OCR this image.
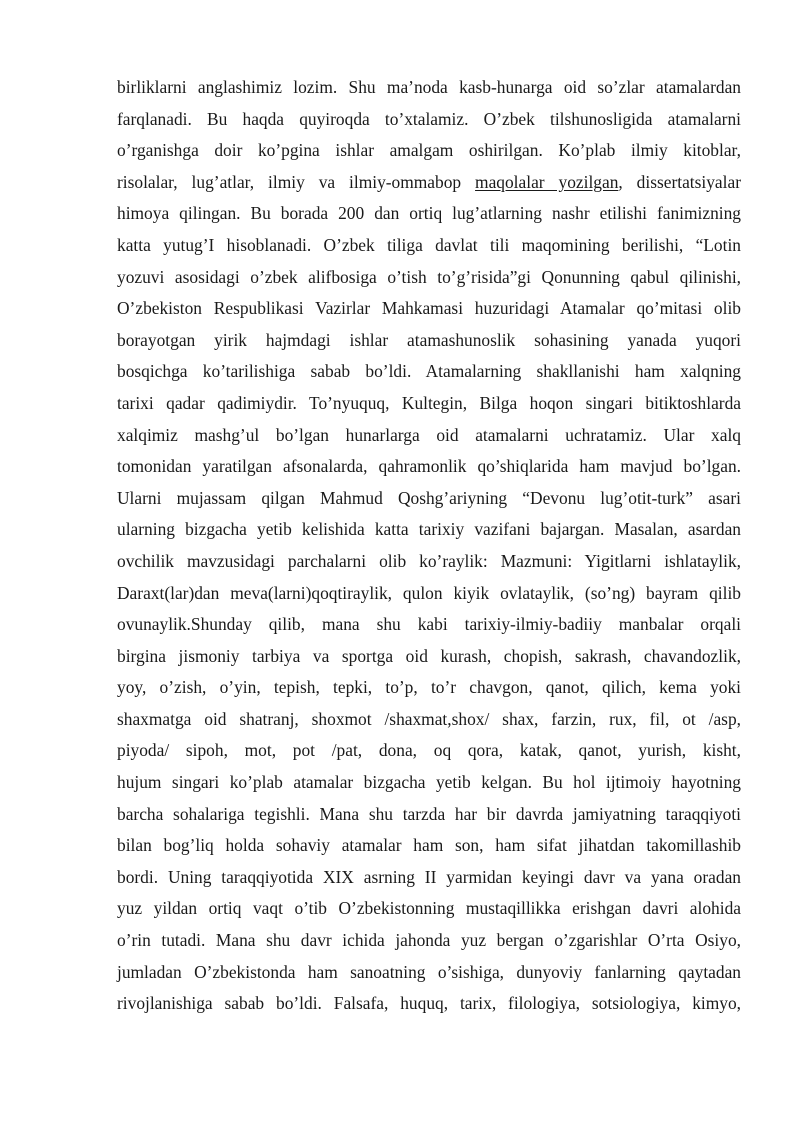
birliklarni anglashimiz lozim. Shu ma’noda kasb-hunarga oid so’zlar atamalardan
farqlanadi. Bu haqda quyiroqda to’xtalamiz. O’zbek tilshunosligida atamalarni
o’rganishga doir ko’pgina ishlar amalgam oshirilgan. Ko’plab ilmiy kitoblar,
risolalar, lug’atlar, ilmiy va ilmiy-ommabop maqolalar yozilgan, dissertatsiyalar
himoya qilingan. Bu borada 200 dan ortiq lug’atlarning nashr etilishi fanimizning
katta yutug’I hisoblanadi. O’zbek tiliga davlat tili maqomining berilishi, “Lotin
yozuvi asosidagi o’zbek alifbosiga o’tish to’g’risida”gi Qonunning qabul qilinishi,
O’zbekiston Respublikasi Vazirlar Mahkamasi huzuridagi Atamalar qo’mitasi olib
borayotgan yirik hajmdagi ishlar atamashunoslik sohasining yanada yuqori
bosqichga ko’tarilishiga sabab bo’ldi. Atamalarning shakllanishi ham xalqning
tarixi qadar qadimiydir. To’nyuquq, Kultegin, Bilga hoqon singari bitiktoshlarda
xalqimiz mashg’ul bo’lgan hunarlarga oid atamalarni uchratamiz. Ular xalq
tomonidan yaratilgan afsonalarda, qahramonlik qo’shiqlarida ham mavjud bo’lgan.
Ularni mujassam qilgan Mahmud Qoshg’ariyning “Devonu lug’otit-turk” asari
ularning bizgacha yetib kelishida katta tarixiy vazifani bajargan. Masalan, asardan
ovchilik mavzusidagi parchalarni olib ko’raylik: Mazmuni: Yigitlarni ishlataylik,
Daraxt(lar)dan meva(larni)qoqtiraylik, qulon kiyik ovlataylik, (so’ng) bayram qilib
ovunaylik.Shunday qilib, mana shu kabi tarixiy-ilmiy-badiiy manbalar orqali
birgina jismoniy tarbiya va sportga oid kurash, chopish, sakrash, chavandozlik,
yoy, o’zish, o’yin, tepish, tepki, to’p, to’r chavgon, qanot, qilich, kema yoki
shaxmatga oid shatranj, shoxmot /shaxmat,shox/ shax, farzin, rux, fil, ot /asp,
piyoda/ sipoh, mot, pot /pat, dona, oq qora, katak, qanot, yurish, kisht,
hujum singari ko’plab atamalar bizgacha yetib kelgan. Bu hol ijtimoiy hayotning
barcha sohalariga tegishli. Mana shu tarzda har bir davrda jamiyatning taraqqiyoti
bilan bog’liq holda sohaviy atamalar ham son, ham sifat jihatdan takomillashib
bordi. Uning taraqqiyotida XIX asrning II yarmidan keyingi davr va yana oradan
yuz yildan ortiq vaqt o’tib O’zbekistonning mustaqillikka erishgan davri alohida
o’rin tutadi. Mana shu davr ichida jahonda yuz bergan o’zgarishlar O’rta Osiyo,
jumladan O’zbekistonda ham sanoatning o’sishiga, dunyoviy fanlarning qaytadan
rivojlanishiga sabab bo’ldi. Falsafa, huquq, tarix, filologiya, sotsiologiya, kimyo,
